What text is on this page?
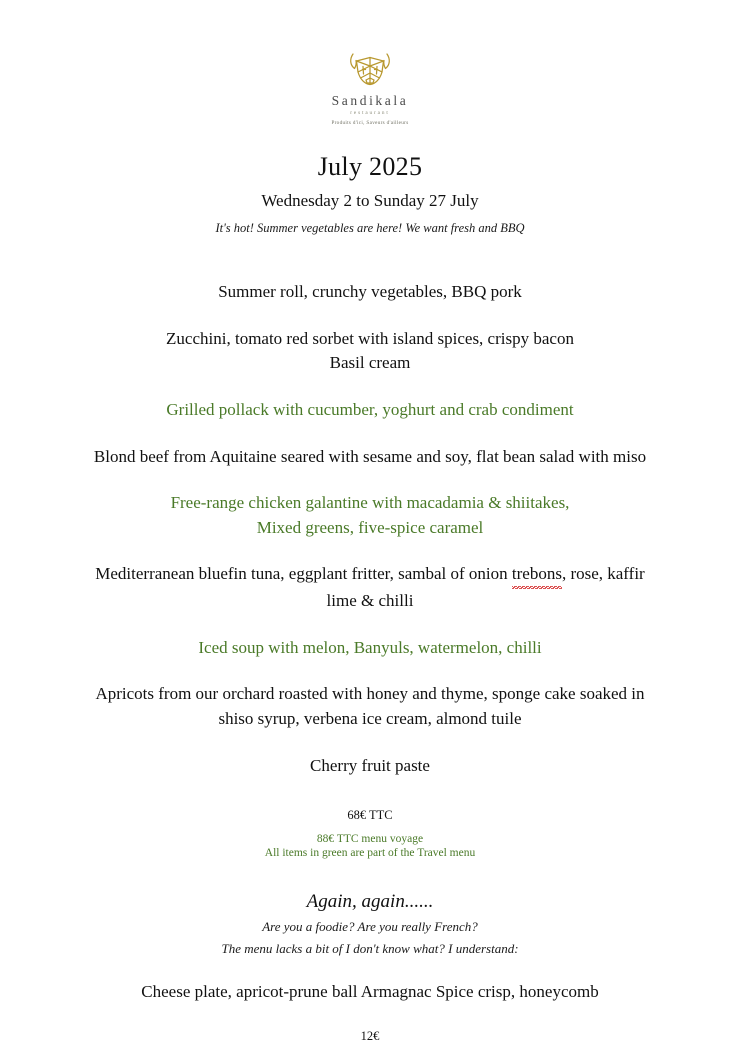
Sandikala
restaurant
Produits d'ici, Saveurs d'ailleurs
July 2025
Wednesday 2 to Sunday 27 July
It's hot! Summer vegetables are here! We want fresh and BBQ
Summer roll, crunchy vegetables, BBQ pork
Zucchini, tomato red sorbet with island spices, crispy bacon
Basil cream
Grilled pollack with cucumber, yoghurt and crab condiment
Blond beef from Aquitaine seared with sesame and soy, flat bean salad with miso
Free-range chicken galantine with macadamia & shiitakes,
Mixed greens, five-spice caramel
Mediterranean bluefin tuna, eggplant fritter, sambal of onion trebons, rose, kaffir
lime & chilli
Iced soup with melon, Banyuls, watermelon, chilli
Apricots from our orchard roasted with honey and thyme, sponge cake soaked in
shiso syrup, verbena ice cream, almond tuile
Cherry fruit paste
68€ TTC
88€ TTC menu voyage
All items in green are part of the Travel menu
Again, again......
Are you a foodie? Are you really French?
The menu lacks a bit of I don't know what? I understand:
Cheese plate, apricot-prune ball Armagnac Spice crisp, honeycomb
12€
